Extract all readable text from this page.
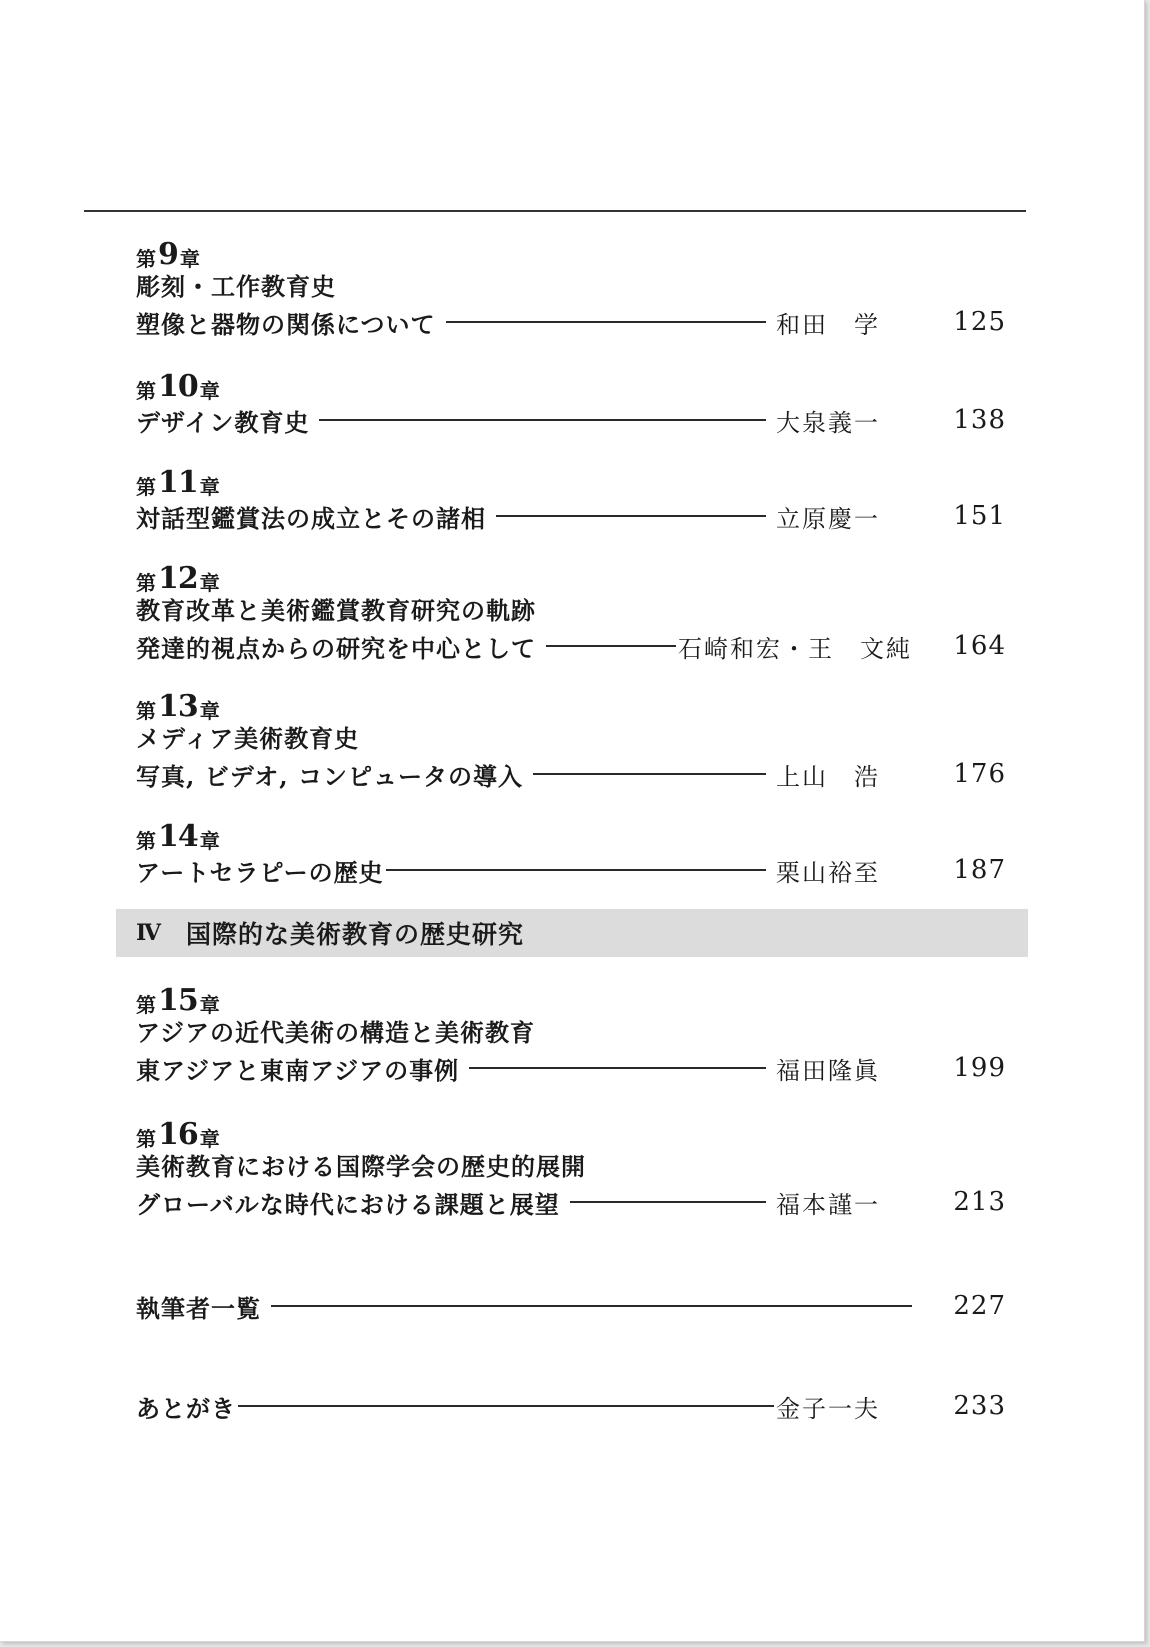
第 9 章
彫刻・工作教育史
塑像と器物の関係について	和田　学	125
第 10 章
デザイン教育史	大泉義一	138
第 11 章
対話型鑑賞法の成立とその諸相	立原慶一	151
第 12 章
教育改革と美術鑑賞教育研究の軌跡
発達的視点からの研究を中心として	石崎和宏・王　文純 164
第 13 章
メディア美術教育史
写真, ビデオ, コンピュータの導入	上山　浩	176
第 14 章
アートセラピーの歴史	栗山裕至	187
Ⅳ	国際的な美術教育の歴史研究
第 15 章
アジアの近代美術の構造と美術教育
東アジアと東南アジアの事例	福田隆眞	199
第 16 章
美術教育における国際学会の歴史的展開
グローバルな時代における課題と展望	福本謹一	213
執筆者一覧	227
あとがき	金子一夫	233
